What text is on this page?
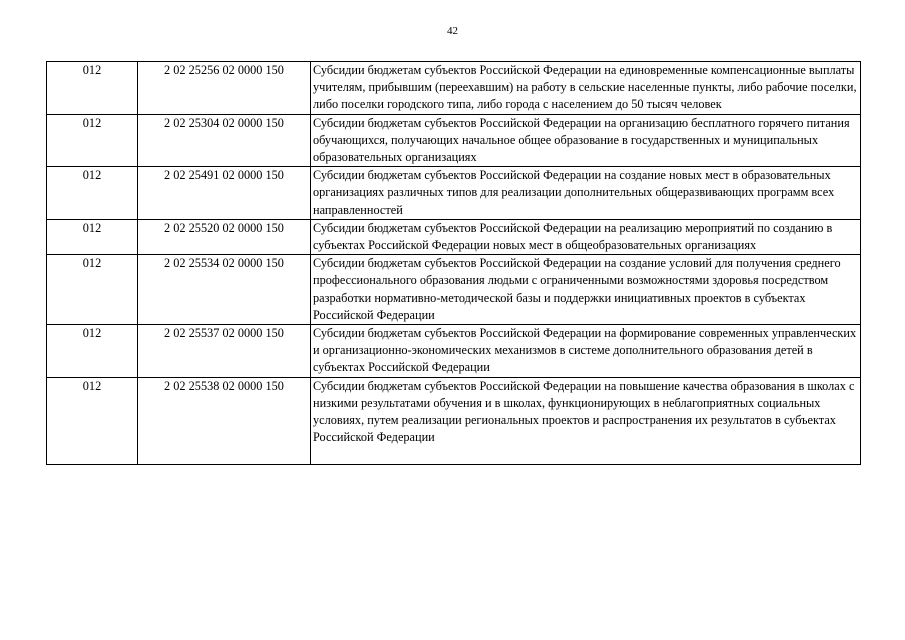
42
012	2 02 25256 02 0000 150	Субсидии бюджетам субъектов Российской Федерации на единовременные компенсационные выплаты учителям, прибывшим (переехавшим) на работу в сельские населенные пункты, либо рабочие поселки, либо поселки городского типа, либо города с населением до 50 тысяч человек
012	2 02 25304 02 0000 150	Субсидии бюджетам субъектов Российской Федерации на организацию бесплатного горячего питания обучающихся, получающих начальное общее образование в государственных и муниципальных образовательных организациях
012	2 02 25491 02 0000 150	Субсидии бюджетам субъектов Российской Федерации на создание новых мест в образовательных организациях различных типов для реализации дополнительных общеразвивающих программ всех направленностей
012	2 02 25520 02 0000 150	Субсидии бюджетам субъектов Российской Федерации на реализацию мероприятий по созданию в субъектах Российской Федерации новых мест в общеобразовательных организациях
012	2 02 25534 02 0000 150	Субсидии бюджетам субъектов Российской Федерации на создание условий для получения среднего профессионального образования людьми с ограниченными возможностями здоровья посредством разработки нормативно-методической базы и поддержки инициативных проектов в субъектах Российской Федерации
012	2 02 25537 02 0000 150	Субсидии бюджетам субъектов Российской Федерации на формирование современных управленческих и организационно-экономических механизмов в системе дополнительного образования детей в субъектах Российской Федерации
012	2 02 25538 02 0000 150	Субсидии бюджетам субъектов Российской Федерации на повышение качества образования в школах с низкими результатами обучения и в школах, функционирующих в неблагоприятных социальных условиях, путем реализации региональных проектов и распространения их результатов в субъектах Российской Федерации
